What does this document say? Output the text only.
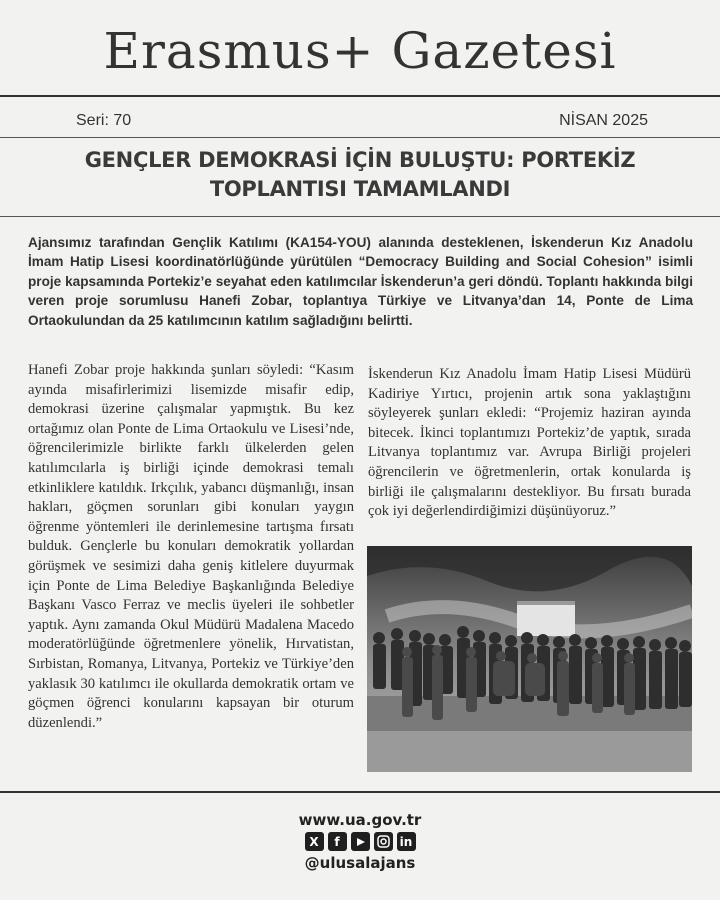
Erasmus+ Gazetesi
Seri: 70	NİSAN 2025
GENÇLER DEMOKRASİ İÇİN BULUŞTU: PORTEKİZ TOPLANTISI TAMAMLANDI
Ajansımız tarafından Gençlik Katılımı (KA154-YOU) alanında desteklenen, İskenderun Kız Anadolu İmam Hatip Lisesi koordinatörlüğünde yürütülen “Democracy Building and Social Cohesion” isimli proje kapsamında Portekiz’e seyahat eden katılımcılar İskenderun’a geri döndü. Toplantı hakkında bilgi veren proje sorumlusu Hanefi Zobar, toplantıya Türkiye ve Litvanya’dan 14, Ponte de Lima Ortaokulundan da 25 katılımcının katılım sağladığını belirtti.
Hanefi Zobar proje hakkında şunları söyledi: “Kasım ayında misafirlerimizi lisemizde misafir edip, demokrasi üzerine çalışmalar yapmıştık. Bu kez ortağımız olan Ponte de Lima Ortaokulu ve Lisesi’nde, öğrencilerimizle birlikte farklı ülkelerden gelen katılımcılarla iş birliği içinde demokrasi temalı etkinliklere katıldık. Irkçılık, yabancı düşmanlığı, insan hakları, göçmen sorunları gibi konuları yaygın öğrenme yöntemleri ile derinlemesine tartışma fırsatı bulduk. Gençlerle bu konuları demokratik yollardan görüşmek ve sesimizi daha geniş kitlelere duyurmak için Ponte de Lima Belediye Başkanlığında Belediye Başkanı Vasco Ferraz ve meclis üyeleri ile sohbetler yaptık. Aynı zamanda Okul Müdürü Madalena Macedo moderatörlüğünde öğretmenlere yönelik, Hırvatistan, Sırbistan, Romanya, Litvanya, Portekiz ve Türkiye’den yaklasık 30 katılımcı ile okullarda demokratik ortam ve göçmen öğrenci konularını kapsayan bir oturum düzenlendi.”
İskenderun Kız Anadolu İmam Hatip Lisesi Müdürü Kadiriye Yırtıcı, projenin artık sona yaklaştığını söyleyerek şunları ekledi: “Projemiz haziran ayında bitecek. İkinci toplantımızı Portekiz’de yaptık, sırada Litvanya toplantımız var. Avrupa Birliği projeleri öğrencilerin ve öğretmenlerin, ortak konularda iş birliği ile çalışmalarını destekliyor. Bu fırsatı burada çok iyi değerlendirdiğimizi düşünüyoruz.”
www.ua.gov.tr
X	f	in
@ulusalajans
